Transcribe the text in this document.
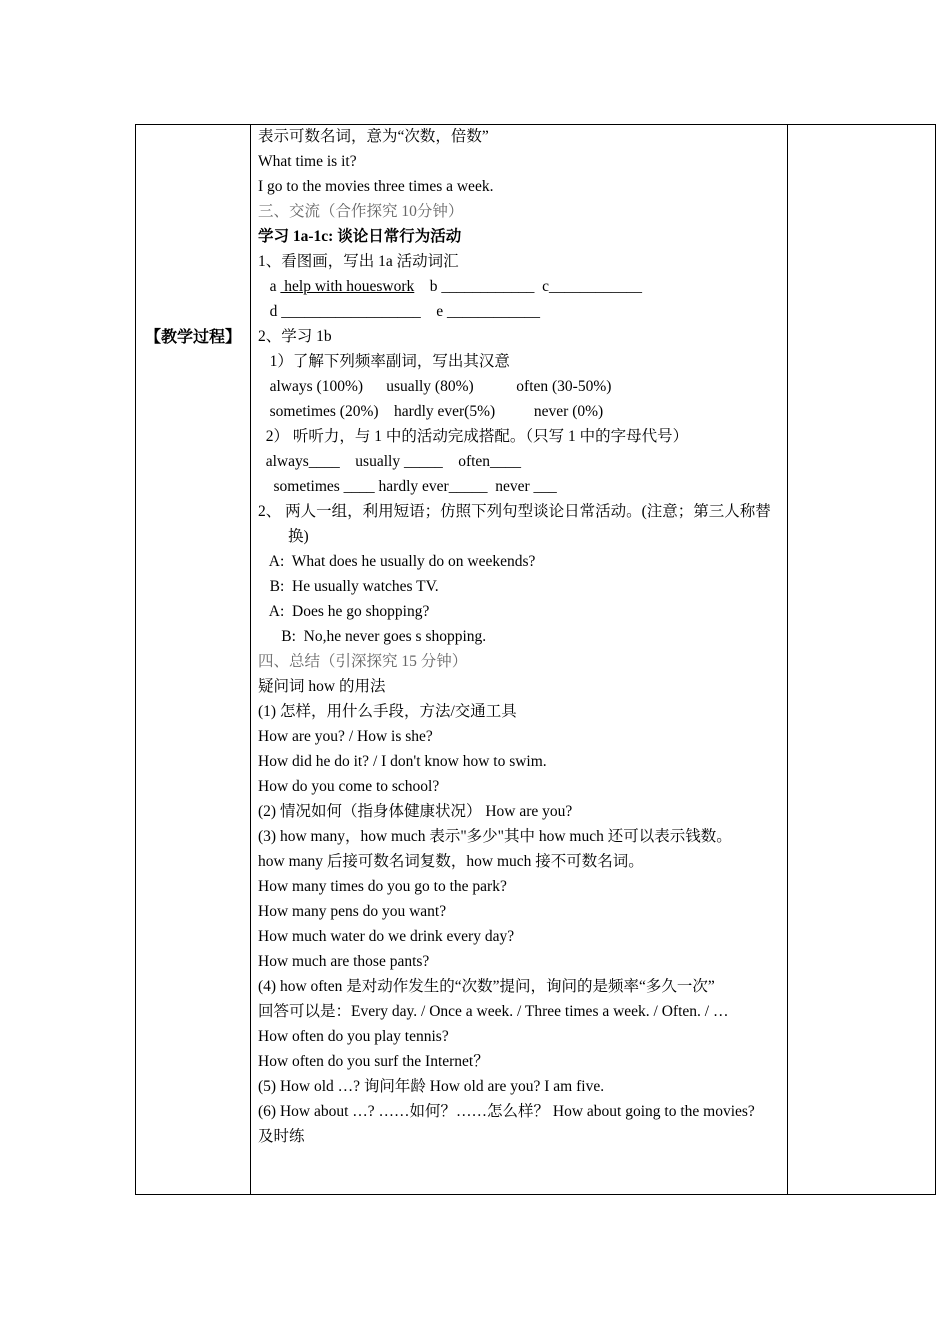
【教学过程】
表示可数名词，意为“次数，倍数”
What time is it?
I go to the movies three times a week.
三、交流（合作探究 10分钟）
学习 1a-1c: 谈论日常行为活动
1、看图画，写出 1a 活动词汇
a  help with houeswork    b ____________  c____________
d __________________    e ____________
2、学习 1b
1）了解下列频率副词，写出其汉意
always (100%)      usually (80%)           often (30-50%)
sometimes (20%)    hardly ever(5%)          never (0%)
2） 听听力，与 1 中的活动完成搭配。（只写 1 中的字母代号）
always____    usually _____    often____
sometimes ____ hardly ever_____  never ___
2、 两人一组，利用短语；仿照下列句型谈论日常活动。(注意；第三人称替换)
A:  What does he usually do on weekends?
B:  He usually watches TV.
A:  Does he go shopping?
B:  No,he never goes s shopping.
四、总结（引深探究 15 分钟）
疑问词 how 的用法
(1) 怎样，用什么手段，方法/交通工具
How are you? / How is she?
How did he do it? / I don't know how to swim.
How do you come to school?
(2) 情况如何（指身体健康状况） How are you?
(3) how many，how much 表示"多少"其中 how much 还可以表示钱数。
how many 后接可数名词复数，how much 接不可数名词。
How many times do you go to the park?
How many pens do you want?
How much water do we drink every day?
How much are those pants?
(4) how often 是对动作发生的“次数”提问，询问的是频率“多久一次”
回答可以是：Every day. / Once a week. / Three times a week. / Often. / …
How often do you play tennis?
How often do you surf the Internet？
(5) How old …? 询问年龄 How old are you? I am five.
(6) How about …? ……如何？……怎么样？ How about going to the movies?
及时练
